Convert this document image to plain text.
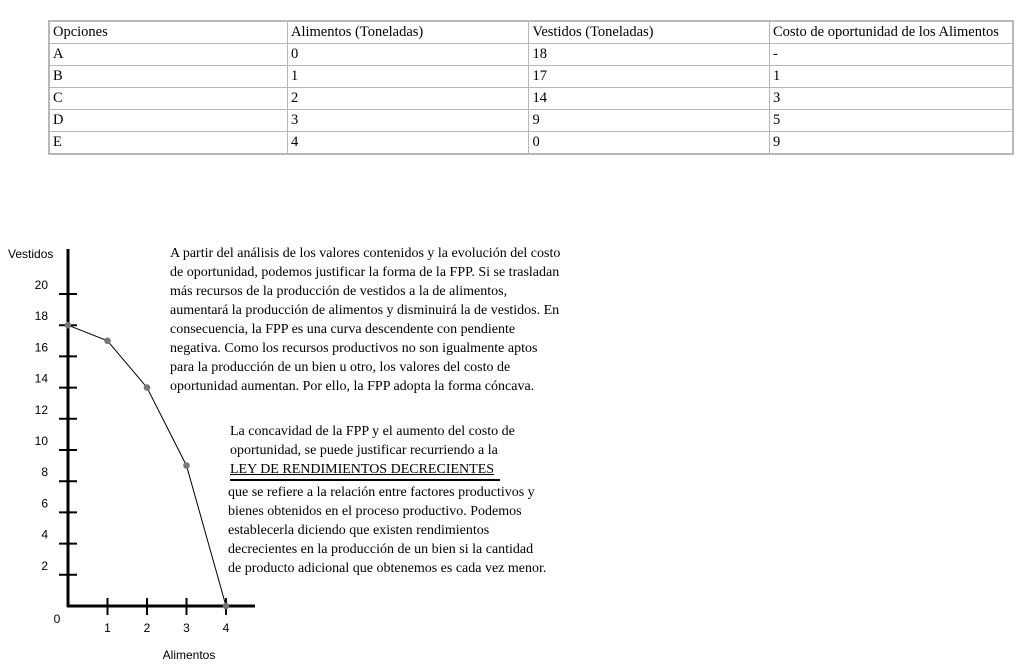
Opciones	Alimentos (Toneladas)	Vestidos (Toneladas)	Costo de oportunidad de los Alimentos
A	0	18	-
B	1	17	1
C	2	14	3
D	3	9	5
E	4	0	9
2
4
6
8
10
12
14
16
18
20
0
1	2	3	4
Vestidos
Alimentos

A partir del análisis de los valores contenidos y la evolución del costo de oportunidad, podemos justificar la forma de la FPP. Si se trasladan más recursos de la producción de vestidos a la de alimentos, aumentará la producción de alimentos y disminuirá la de vestidos. En consecuencia, la FPP es una curva descendente con pendiente negativa. Como los recursos productivos no son igualmente aptos para la producción de un bien u otro, los valores del costo de oportunidad aumentan. Por ello, la FPP adopta la forma cóncava.

La concavidad de la FPP y el aumento del costo de oportunidad, se puede justificar recurriendo a la

LEY DE RENDIMIENTOS DECRECIENTES

que se refiere a la relación entre factores productivos y bienes obtenidos en el proceso productivo. Podemos establecerla diciendo que existen rendimientos decrecientes en la producción de un bien si la cantidad de producto adicional que obtenemos es cada vez menor.
